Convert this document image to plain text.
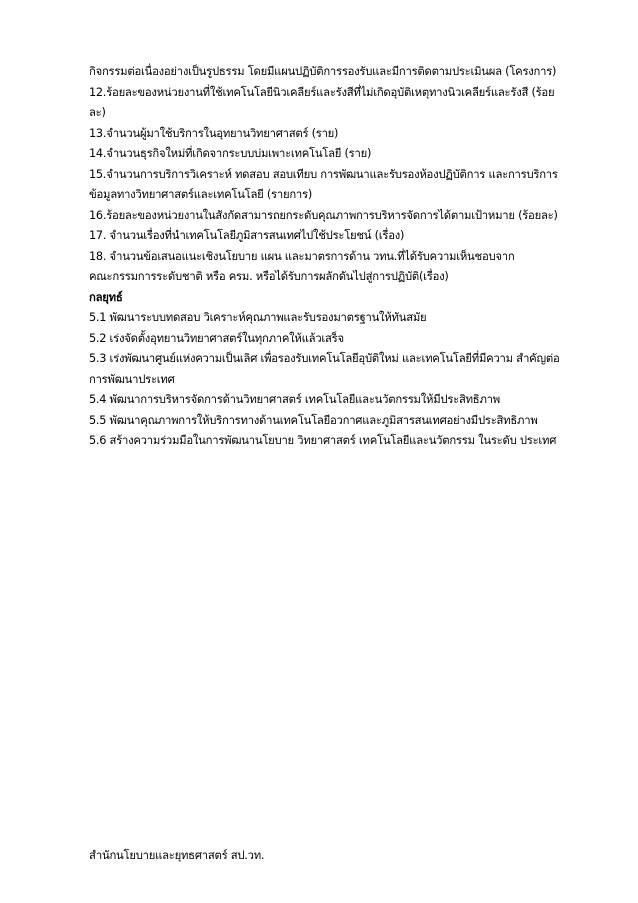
กิจกรรมต่อเนื่องอย่างเป็นรูปธรรม โดยมีแผนปฏิบัติการรองรับและมีการติดตามประเมินผล (โครงการ)
12.ร้อยละของหน่วยงานที่ใช้เทคโนโลยีนิวเคลียร์และรังสีที่ไม่เกิดอุบัติเหตุทางนิวเคลียร์และรังสี (ร้อย
ละ)
13.จำนวนผู้มาใช้บริการในอุทยานวิทยาศาสตร์ (ราย)
14.จำนวนธุรกิจใหม่ที่เกิดจากระบบบ่มเพาะเทคโนโลยี (ราย)
15.จำนวนการบริการวิเคราะห์ ทดสอบ สอบเทียบ การพัฒนาและรับรองห้องปฏิบัติการ และการบริการ
ข้อมูลทางวิทยาศาสตร์และเทคโนโลยี (รายการ)
16.ร้อยละของหน่วยงานในสังกัดสามารถยกระดับคุณภาพการบริหารจัดการได้ตามเป้าหมาย (ร้อยละ)
17. จำนวนเรื่องที่นำเทคโนโลยีภูมิสารสนเทศไปใช้ประโยชน์ (เรื่อง)
18. จำนวนข้อเสนอแนะเชิงนโยบาย แผน และมาตรการด้าน วทน.ที่ได้รับความเห็นชอบจาก
คณะกรรมการระดับชาติ หรือ ครม. หรือได้รับการผลักดันไปสู่การปฏิบัติ(เรื่อง)
กลยุทธ์
5.1 พัฒนาระบบทดสอบ วิเคราะห์คุณภาพและรับรองมาตรฐานให้ทันสมัย
5.2 เร่งจัดตั้งอุทยานวิทยาศาสตร์ในทุกภาคให้แล้วเสร็จ
5.3 เร่งพัฒนาศูนย์แห่งความเป็นเลิศ เพื่อรองรับเทคโนโลยีอุบัติใหม่ และเทคโนโลยีที่มีความ สำคัญต่อ
การพัฒนาประเทศ
5.4 พัฒนาการบริหารจัดการด้านวิทยาศาสตร์ เทคโนโลยีและนวัตกรรมให้มีประสิทธิภาพ
5.5 พัฒนาคุณภาพการให้บริการทางด้านเทคโนโลยีอวกาศและภูมิสารสนเทศอย่างมีประสิทธิภาพ
5.6 สร้างความร่วมมือในการพัฒนานโยบาย วิทยาศาสตร์ เทคโนโลยีและนวัตกรรม ในระดับ ประเทศ
สำนักนโยบายและยุทธศาสตร์ สป.วท.
